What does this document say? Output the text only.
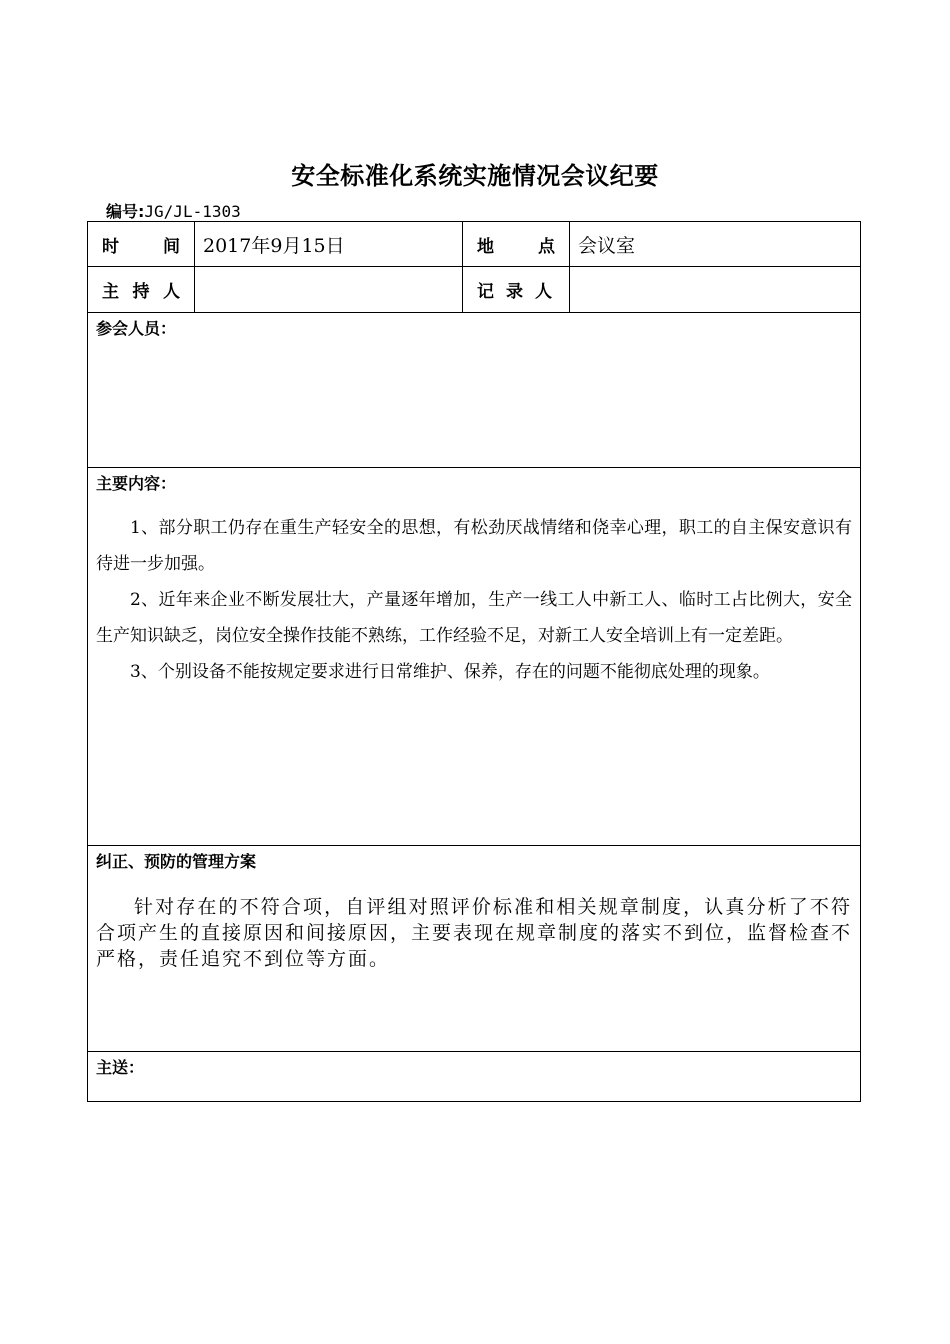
安全标准化系统实施情况会议纪要
编号:JG/JL-1303
时 间	2017年9月15日	地 点	会议室

主 持 人		记 录 人	

参会人员：			

主要内容：

1、部分职工仍存在重生产轻安全的思想，有松劲厌战情绪和侥幸心理，职工的自主保安意识有待进一步加强。

2、近年来企业不断发展壮大，产量逐年增加，生产一线工人中新工人、临时工占比例大，安全生产知识缺乏，岗位安全操作技能不熟练，工作经验不足，对新工人安全培训上有一定差距。

3、个别设备不能按规定要求进行日常维护、保养，存在的问题不能彻底处理的现象。			

纠正、预防的管理方案

针对存在的不符合项，自评组对照评价标准和相关规章制度，认真分析了不符合项产生的直接原因和间接原因，主要表现在规章制度的落实不到位，监督检查不严格，责任追究不到位等方面。			

主送：			
